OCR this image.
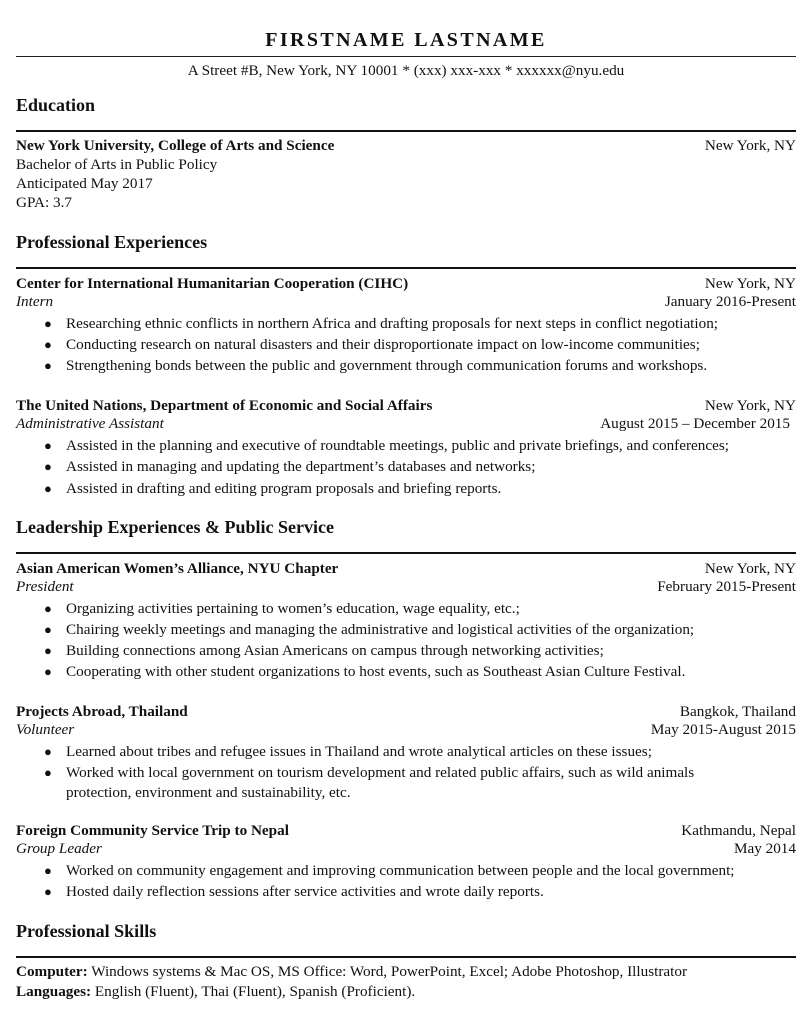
FIRSTNAME LASTNAME
A Street #B, New York, NY 10001 * (xxx) xxx-xxx * xxxxxx@nyu.edu
Education
New York University, College of Arts and Science	New York, NY
Bachelor of Arts in Public Policy
Anticipated May 2017
GPA: 3.7
Professional Experiences
Center for International Humanitarian Cooperation (CIHC)	New York, NY
Intern	January 2016-Present
● Researching ethnic conflicts in northern Africa and drafting proposals for next steps in conflict negotiation;
● Conducting research on natural disasters and their disproportionate impact on low-income communities;
● Strengthening bonds between the public and government through communication forums and workshops.
The United Nations, Department of Economic and Social Affairs	New York, NY
Administrative Assistant	August 2015 – December 2015
● Assisted in the planning and executive of roundtable meetings, public and private briefings, and conferences;
● Assisted in managing and updating the department’s databases and networks;
● Assisted in drafting and editing program proposals and briefing reports.
Leadership Experiences & Public Service
Asian American Women’s Alliance, NYU Chapter	New York, NY
President	February 2015-Present
● Organizing activities pertaining to women’s education, wage equality, etc.;
● Chairing weekly meetings and managing the administrative and logistical activities of the organization;
● Building connections among Asian Americans on campus through networking activities;
● Cooperating with other student organizations to host events, such as Southeast Asian Culture Festival.
Projects Abroad, Thailand	Bangkok, Thailand
Volunteer	May 2015-August 2015
● Learned about tribes and refugee issues in Thailand and wrote analytical articles on these issues;
● Worked with local government on tourism development and related public affairs, such as wild animals
protection, environment and sustainability, etc.
Foreign Community Service Trip to Nepal	Kathmandu, Nepal
Group Leader	May 2014
● Worked on community engagement and improving communication between people and the local government;
● Hosted daily reflection sessions after service activities and wrote daily reports.
Professional Skills
Computer: Windows systems & Mac OS, MS Office: Word, PowerPoint, Excel; Adobe Photoshop, Illustrator
Languages: English (Fluent), Thai (Fluent), Spanish (Proficient).
